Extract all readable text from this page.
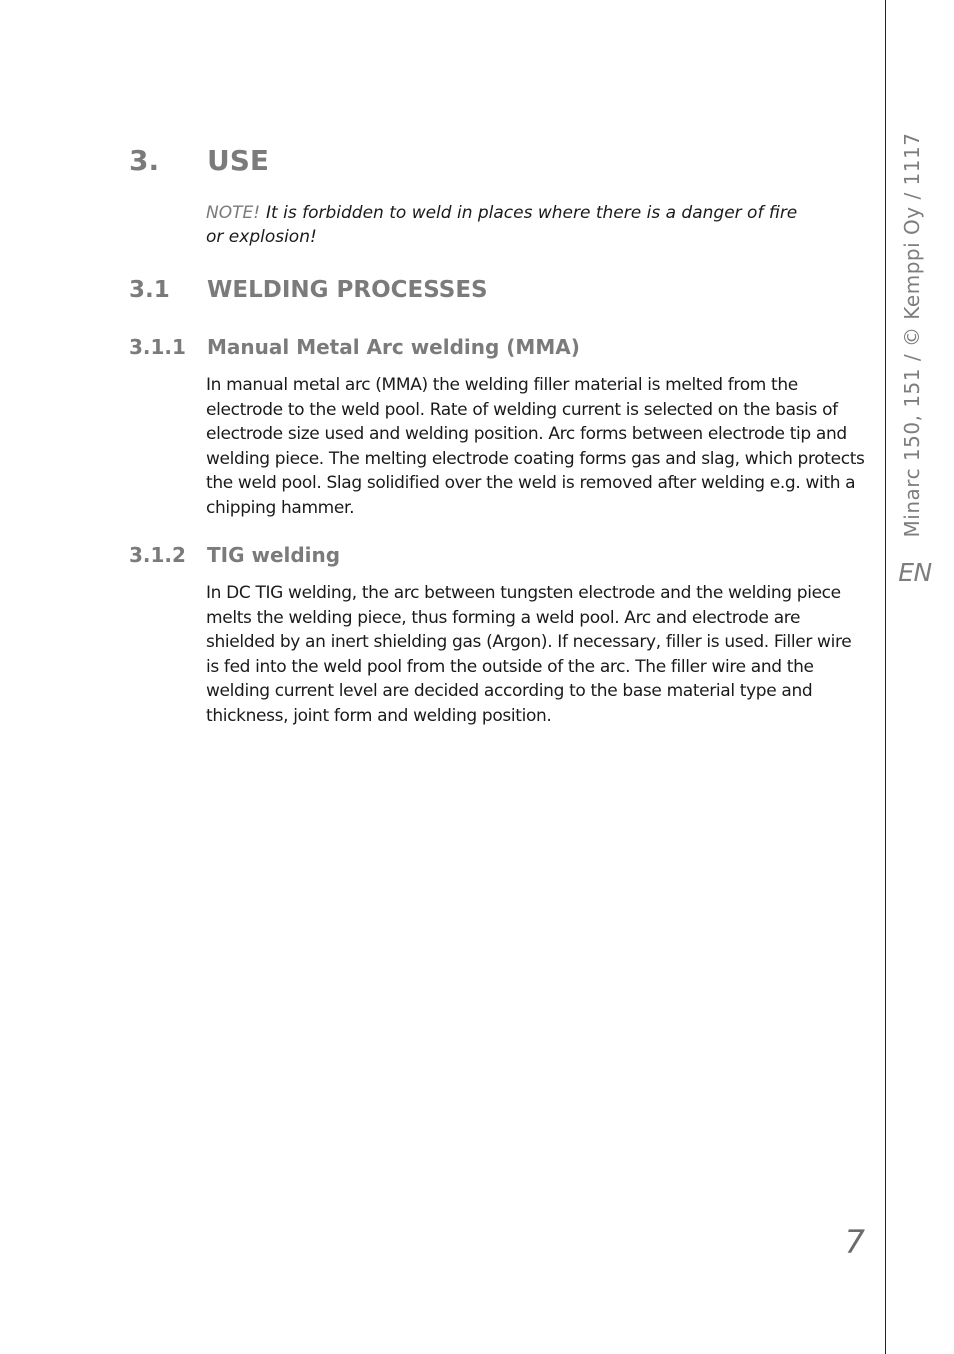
Minarc 150, 151 / © Kemppi Oy / 1117
EN
3. USE
NOTE! It is forbidden to weld in places where there is a danger of fire or explosion!
3.1 WELDING PROCESSES
3.1.1 Manual Metal Arc welding (MMA)
In manual metal arc (MMA) the welding filler material is melted from the electrode to the weld pool. Rate of welding current is selected on the basis of electrode size used and welding position. Arc forms between electrode tip and welding piece. The melting electrode coating forms gas and slag, which protects the weld pool. Slag solidified over the weld is removed after welding e.g. with a chipping hammer.
3.1.2 TIG welding
In DC TIG welding, the arc between tungsten electrode and the welding piece melts the welding piece, thus forming a weld pool. Arc and electrode are shielded by an inert shielding gas (Argon). If necessary, filler is used. Filler wire is fed into the weld pool from the outside of the arc. The filler wire and the welding current level are decided according to the base material type and thickness, joint form and welding position.
7
